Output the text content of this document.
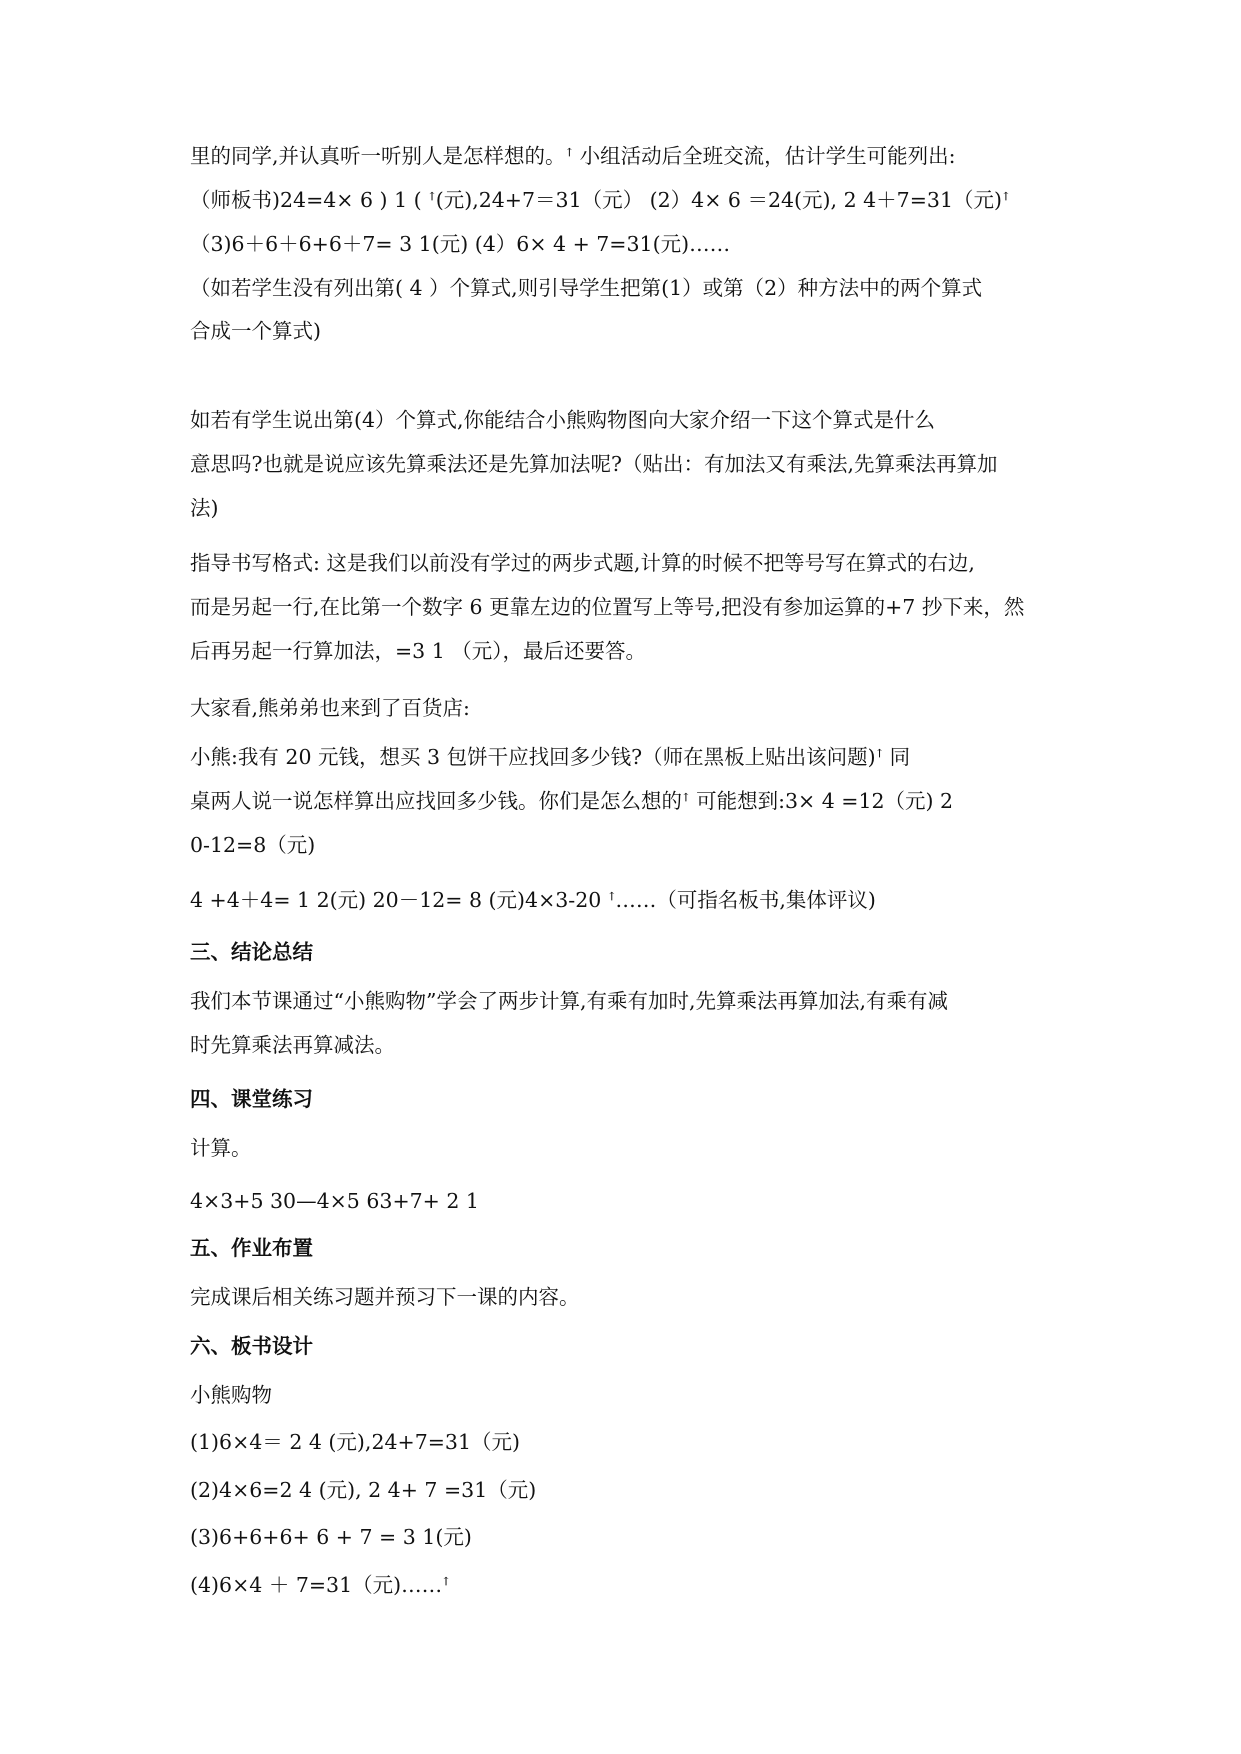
里的同学,并认真听一听别人是怎样想的。ꜛ 小组活动后全班交流，估计学生可能列出:
（师板书)24=4× 6 ) 1 ( ꜛ(元),24+7＝31（元） (2）4× 6 ＝24(元), 2 4＋7=31（元)ꜛ
（3)6＋6＋6+6＋7= 3 1(元) (4）6× 4 + 7=31(元)……
（如若学生没有列出第( 4 ）个算式,则引导学生把第(1）或第（2）种方法中的两个算式
合成一个算式)
如若有学生说出第(4）个算式,你能结合小熊购物图向大家介绍一下这个算式是什么
意思吗?也就是说应该先算乘法还是先算加法呢?（贴出：有加法又有乘法,先算乘法再算加
法)
指导书写格式: 这是我们以前没有学过的两步式题,计算的时候不把等号写在算式的右边,
而是另起一行,在比第一个数字 6 更靠左边的位置写上等号,把没有参加运算的+7 抄下来，然
后再另起一行算加法，=3 1 （元），最后还要答。
大家看,熊弟弟也来到了百货店:
小熊:我有 20 元钱，想买 3 包饼干应找回多少钱?（师在黑板上贴出该问题)ꜛ 同
桌两人说一说怎样算出应找回多少钱。你们是怎么想的ꜛ 可能想到:3× 4 =12（元) 2
0-12=8（元)
4 +4＋4= 1 2(元) 20－12= 8 (元)4×3-20 ꜛ……（可指名板书,集体评议)
三、结论总结
我们本节课通过“小熊购物”学会了两步计算,有乘有加时,先算乘法再算加法,有乘有减
时先算乘法再算减法。
四、课堂练习
计算。
4×3+5 30—4×5 63+7+ 2 1
五、作业布置
完成课后相关练习题并预习下一课的内容。
六、板书设计
小熊购物
(1)6×4＝ 2 4 (元),24+7=31（元)
(2)4×6=2 4 (元), 2 4+ 7 =31（元)
(3)6+6+6+ 6 + 7 = 3 1(元)
(4)6×4 ＋ 7=31（元)……ꜛ
